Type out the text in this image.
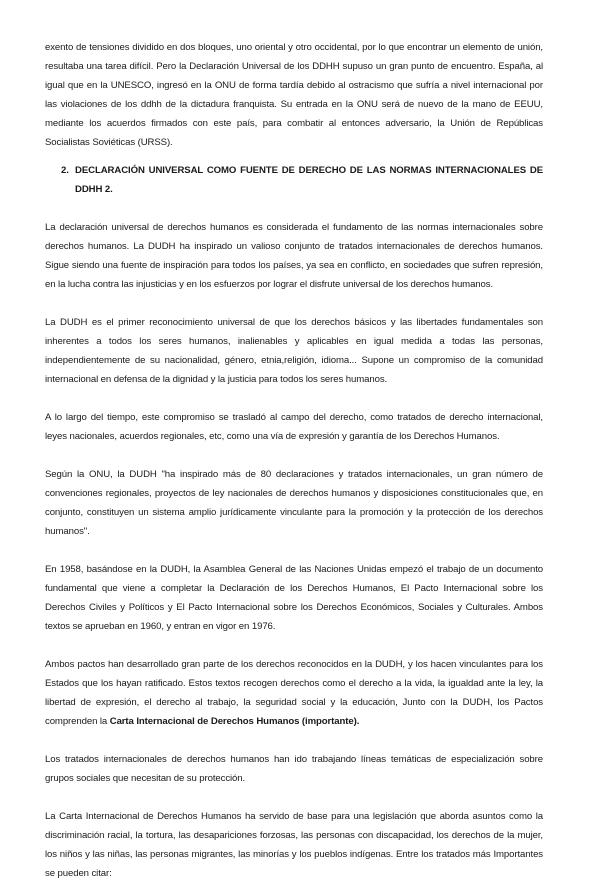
exento de tensiones dividido en dos bloques, uno oriental y otro occidental, por lo que encontrar un elemento de unión, resultaba una tarea difícil. Pero la Declaración Universal de los DDHH supuso un gran punto de encuentro. España, al igual que en la UNESCO, ingresó en la ONU de forma tardía debido al ostracismo que sufría a nivel internacional por las violaciones de los ddhh de la dictadura franquista. Su entrada en la ONU será de nuevo de la mano de EEUU, mediante los acuerdos firmados con este país, para combatir al entonces adversario, la Unión de Repúblicas Socialistas Soviéticas (URSS).

2. DECLARACIÓN UNIVERSAL COMO FUENTE DE DERECHO DE LAS NORMAS INTERNACIONALES DE DDHH 2.

La declaración universal de derechos humanos es considerada el fundamento de las normas internacionales sobre derechos humanos. La DUDH ha inspirado un valioso conjunto de tratados internacionales de derechos humanos. Sigue siendo una fuente de inspiración para todos los países, ya sea en conflicto, en sociedades que sufren represión, en la lucha contra las injusticias y en los esfuerzos por lograr el disfrute universal de los derechos humanos.

La DUDH es el primer reconocimiento universal de que los derechos básicos y las libertades fundamentales son inherentes a todos los seres humanos, inalienables y aplicables en igual medida a todas las personas, independientemente de su nacionalidad, género, etnia,religión, idioma... Supone un compromiso de la comunidad internacional en defensa de la dignidad y la justicia para todos los seres humanos.

A lo largo del tiempo, este compromiso se trasladó al campo del derecho, como tratados de derecho internacional, leyes nacionales, acuerdos regionales, etc, como una vía de expresión y garantía de los Derechos Humanos.

Según la ONU, la DUDH "ha inspirado más de 80 declaraciones y tratados internacionales, un gran número de convenciones regionales, proyectos de ley nacionales de derechos humanos y disposiciones constitucionales que, en conjunto, constituyen un sistema amplio jurídicamente vinculante para la promoción y la protección de los derechos humanos".

En 1958, basándose en la DUDH, la Asamblea General de las Naciones Unidas empezó el trabajo de un documento fundamental que viene a completar la Declaración de los Derechos Humanos, El Pacto Internacional sobre los Derechos Civiles y Políticos y El Pacto Internacional sobre los Derechos Económicos, Sociales y Culturales. Ambos textos se aprueban en 1960, y entran en vigor en 1976.

Ambos pactos han desarrollado gran parte de los derechos reconocidos en la DUDH, y los hacen vinculantes para los Estados que los hayan ratificado. Estos textos recogen derechos como el derecho a la vida, la igualdad ante la ley, la libertad de expresión, el derecho al trabajo, la seguridad social y la educación, Junto con la DUDH, los Pactos comprenden la Carta Internacional de Derechos Humanos (importante).

Los tratados internacionales de derechos humanos han ido trabajando líneas temáticas de especialización sobre grupos sociales que necesitan de su protección.

La Carta Internacional de Derechos Humanos ha servido de base para una legislación que aborda asuntos como la discriminación racial, la tortura, las desapariciones forzosas, las personas con discapacidad, los derechos de la mujer, los niños y las niñas, las personas migrantes, las minorías y los pueblos indígenas. Entre los tratados más Importantes se pueden citar:
